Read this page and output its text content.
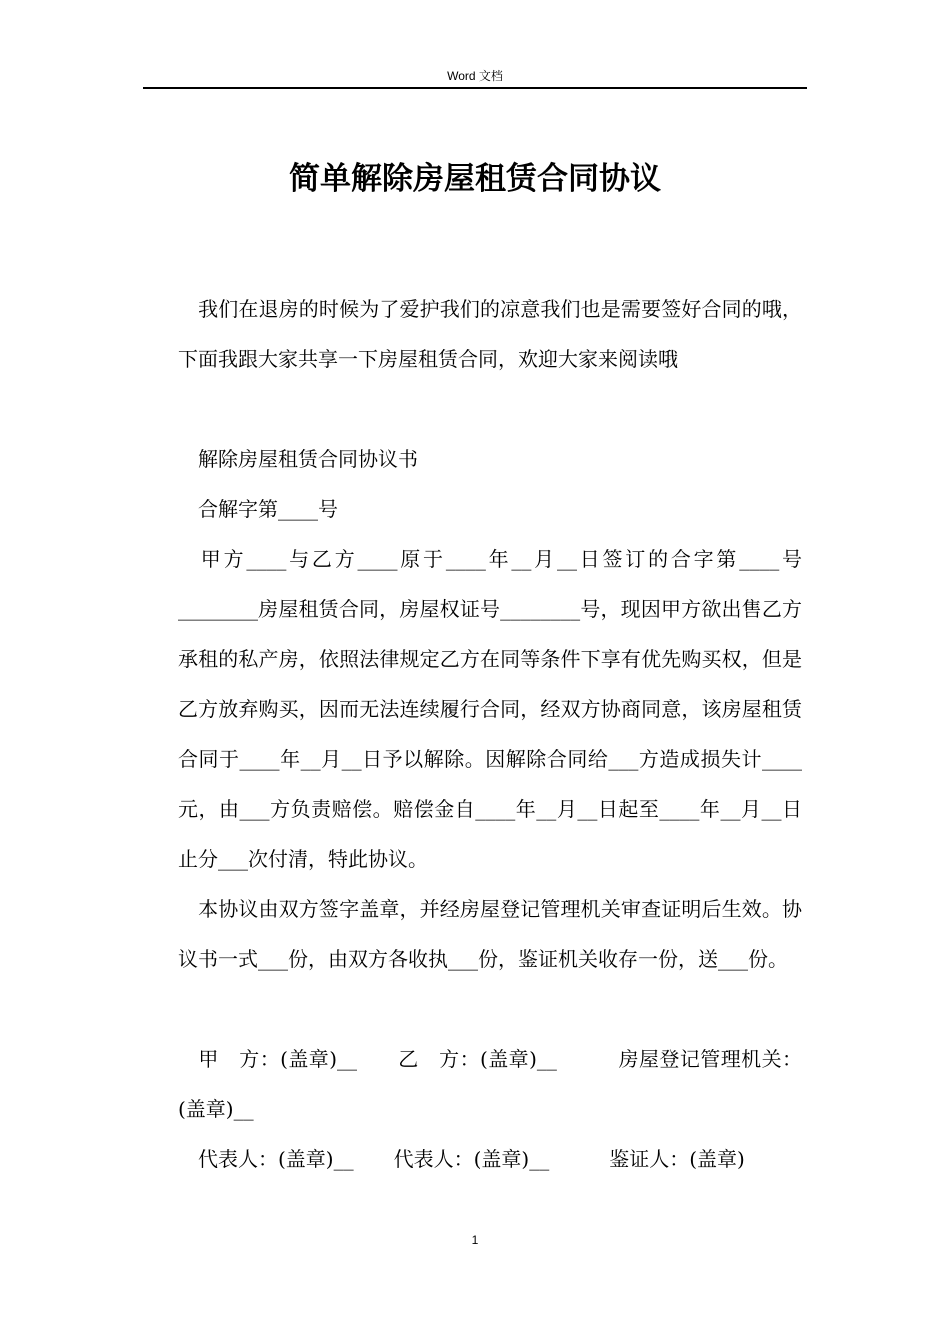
Word 文档
简单解除房屋租赁合同协议

我们在退房的时候为了爱护我们的凉意我们也是需要签好合同的哦，下面我跟大家共享一下房屋租赁合同，欢迎大家来阅读哦

解除房屋租赁合同协议书

合解字第____号

甲方____与乙方____原于____年__月__日签订的合字第____号________房屋租赁合同，房屋权证号________号，现因甲方欲出售乙方承租的私产房，依照法律规定乙方在同等条件下享有优先购买权，但是乙方放弃购买，因而无法连续履行合同，经双方协商同意，该房屋租赁合同于____年__月__日予以解除。因解除合同给___方造成损失计____元，由___方负责赔偿。赔偿金自____年__月__日起至____年__月__日止分___次付清，特此协议。

本协议由双方签字盖章，并经房屋登记管理机关审查证明后生效。协议书一式___份，由双方各收执___份，鉴证机关收存一份，送___份。

甲　方：(盖章)__　　乙　方：(盖章)__　　　房屋登记管理机关：(盖章)__

代表人：(盖章)__　　代表人：(盖章)__　　　鉴证人：(盖章)

1
